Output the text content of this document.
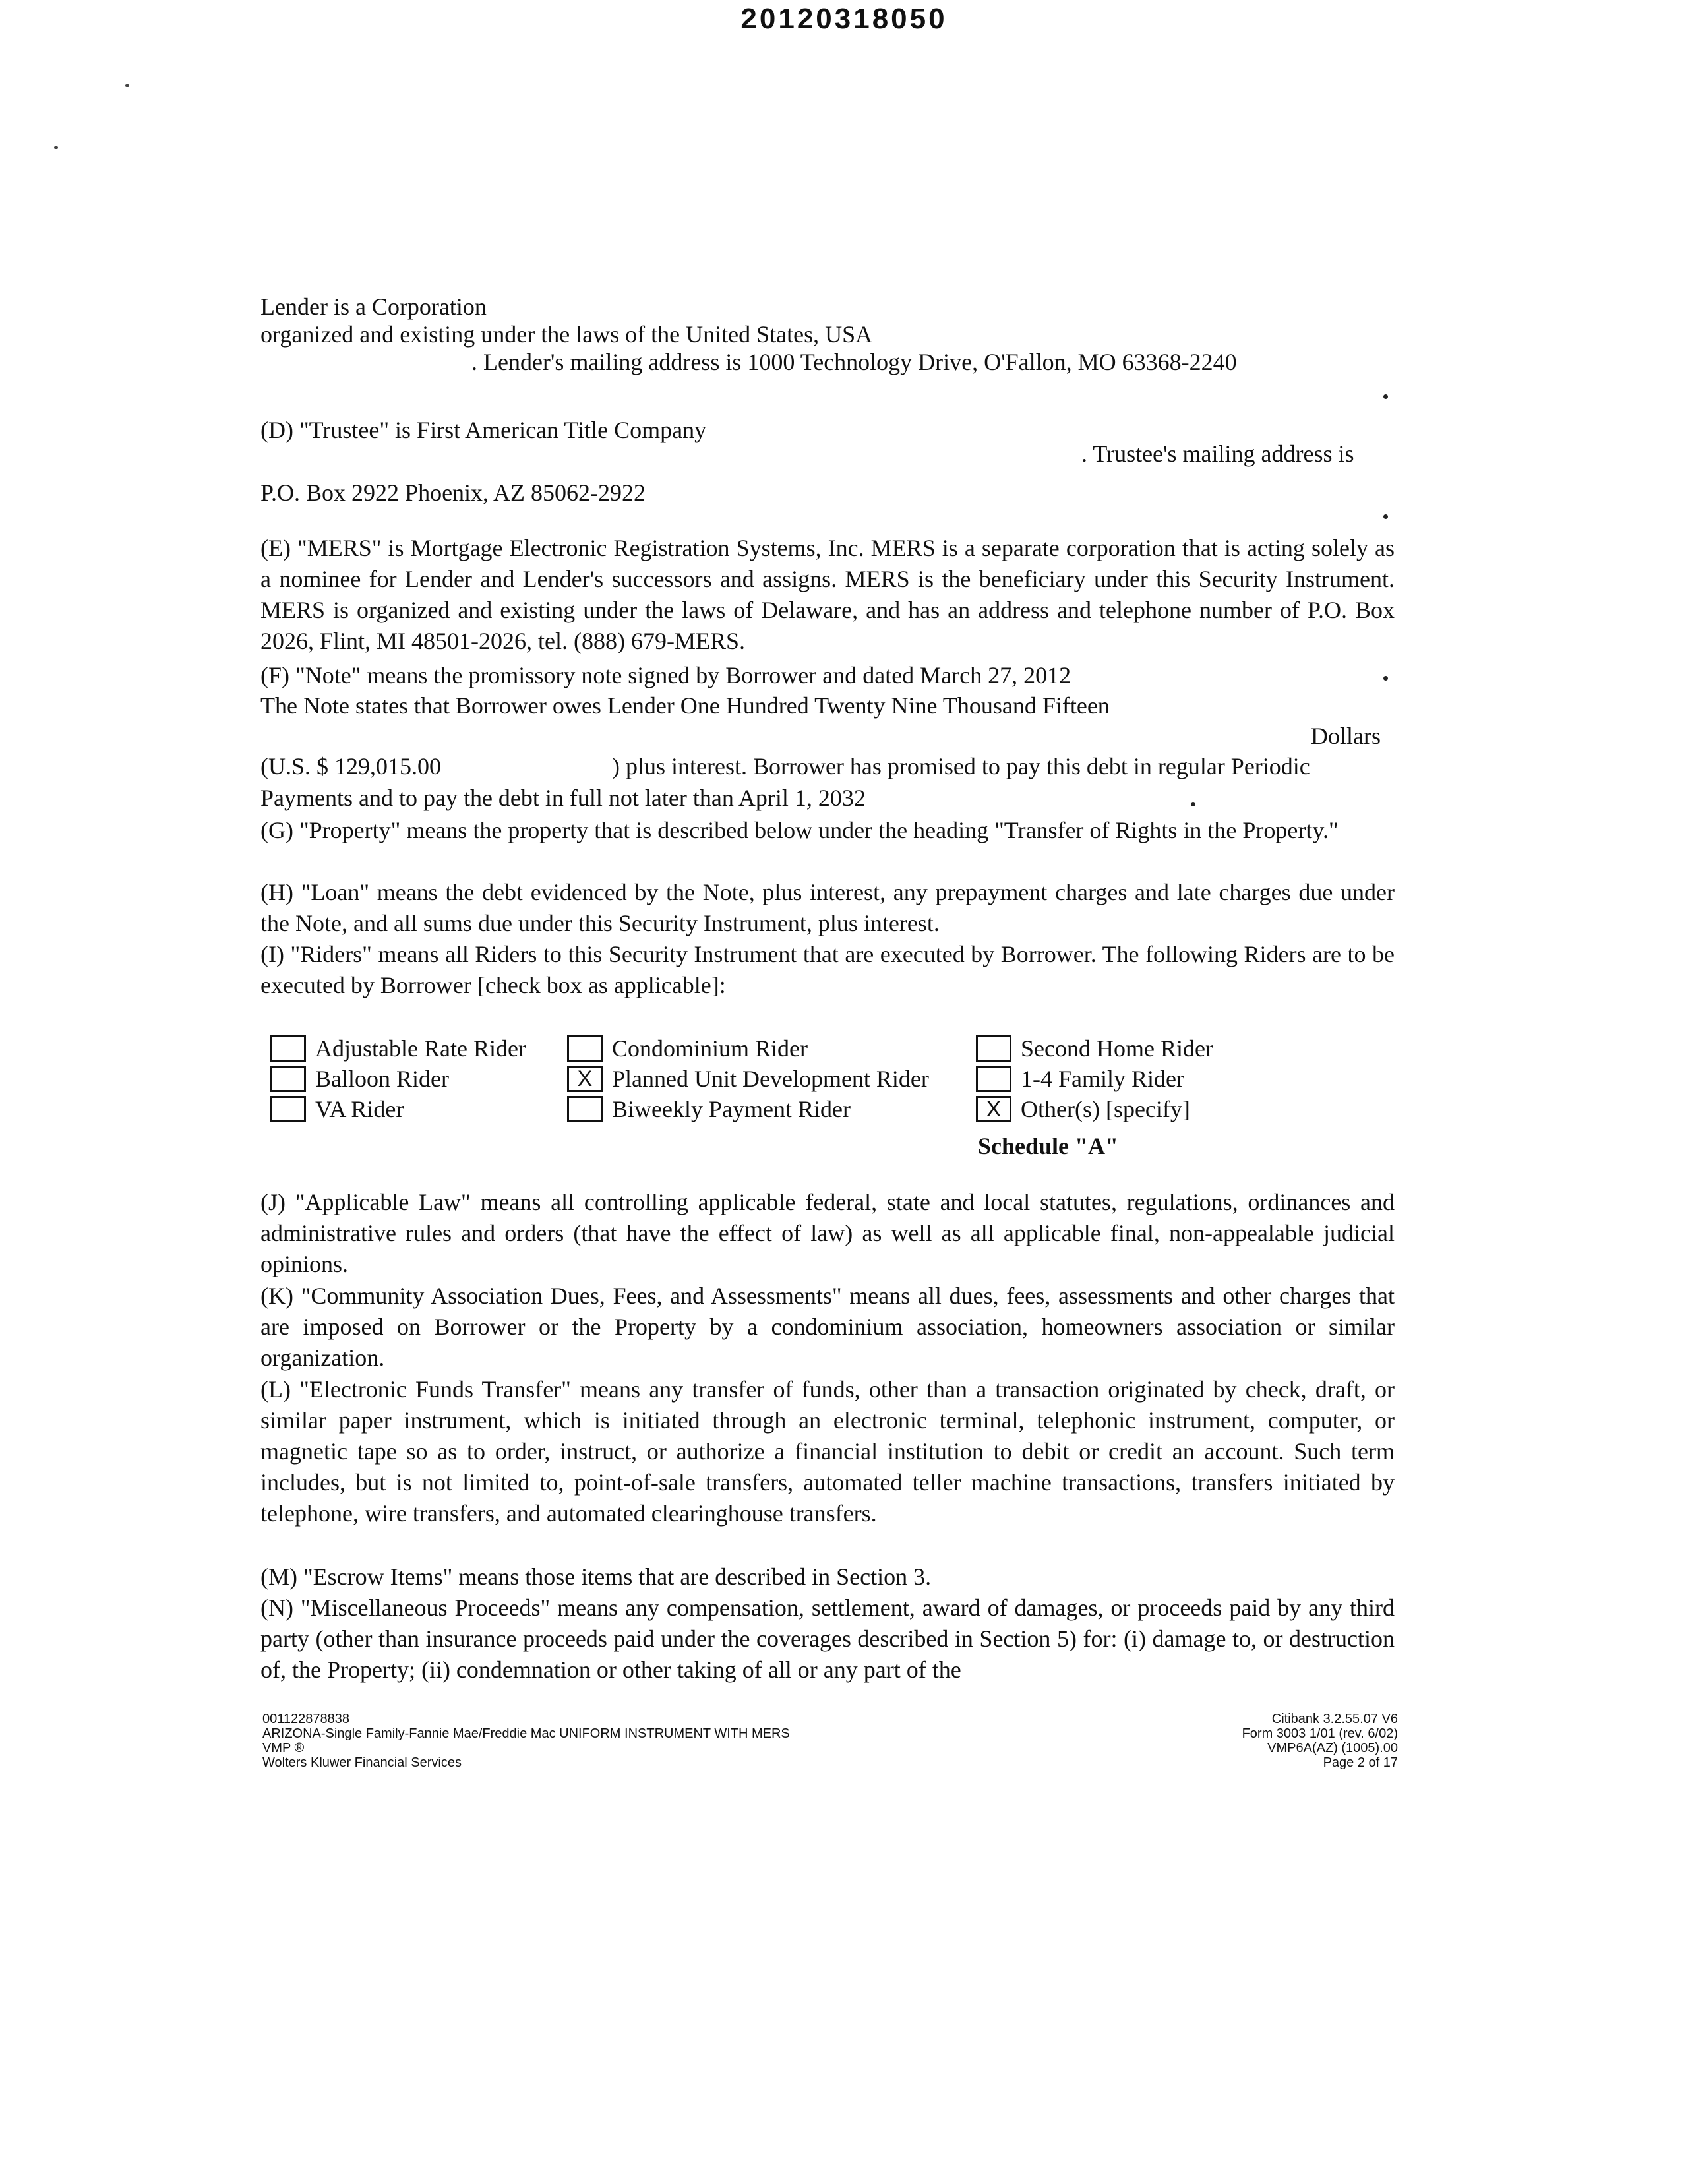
20120318050
Lender is a Corporation
organized and existing under the laws of the United States, USA
. Lender's mailing address is 1000 Technology Drive, O'Fallon, MO 63368-2240
(D) "Trustee" is First American Title Company
. Trustee's mailing address is
P.O. Box 2922 Phoenix, AZ 85062-2922

(E) "MERS" is Mortgage Electronic Registration Systems, Inc. MERS is a separate corporation that is acting solely as a nominee for Lender and Lender's successors and assigns. MERS is the beneficiary under this Security Instrument. MERS is organized and existing under the laws of Delaware, and has an address and telephone number of P.O. Box 2026, Flint, MI 48501-2026, tel. (888) 679-MERS.

(F) "Note" means the promissory note signed by Borrower and dated March 27, 2012
The Note states that Borrower owes Lender One Hundred Twenty Nine Thousand Fifteen
Dollars
(U.S. $ 129,015.00	) plus interest. Borrower has promised to pay this debt in regular Periodic
Payments and to pay the debt in full not later than April 1, 2032

(G) "Property" means the property that is described below under the heading "Transfer of Rights in the Property."

(H) "Loan" means the debt evidenced by the Note, plus interest, any prepayment charges and late charges due under the Note, and all sums due under this Security Instrument, plus interest.

(I) "Riders" means all Riders to this Security Instrument that are executed by Borrower. The following Riders are to be executed by Borrower [check box as applicable]:

Adjustable Rate Rider
Balloon Rider
VA Rider
Condominium Rider
X Planned Unit Development Rider
Biweekly Payment Rider
Second Home Rider
1-4 Family Rider
X Other(s) [specify]
Schedule "A"

(J) "Applicable Law" means all controlling applicable federal, state and local statutes, regulations, ordinances and administrative rules and orders (that have the effect of law) as well as all applicable final, non-appealable judicial opinions.

(K) "Community Association Dues, Fees, and Assessments" means all dues, fees, assessments and other charges that are imposed on Borrower or the Property by a condominium association, homeowners association or similar organization.

(L) "Electronic Funds Transfer" means any transfer of funds, other than a transaction originated by check, draft, or similar paper instrument, which is initiated through an electronic terminal, telephonic instrument, computer, or magnetic tape so as to order, instruct, or authorize a financial institution to debit or credit an account. Such term includes, but is not limited to, point-of-sale transfers, automated teller machine transactions, transfers initiated by telephone, wire transfers, and automated clearinghouse transfers.

(M) "Escrow Items" means those items that are described in Section 3.

(N) "Miscellaneous Proceeds" means any compensation, settlement, award of damages, or proceeds paid by any third party (other than insurance proceeds paid under the coverages described in Section 5) for: (i) damage to, or destruction of, the Property; (ii) condemnation or other taking of all or any part of the

001122878838
ARIZONA-Single Family-Fannie Mae/Freddie Mac UNIFORM INSTRUMENT WITH MERS
VMP ®
Wolters Kluwer Financial Services
Citibank 3.2.55.07 V6
Form 3003 1/01 (rev. 6/02)
VMP6A(AZ) (1005).00
Page 2 of 17
